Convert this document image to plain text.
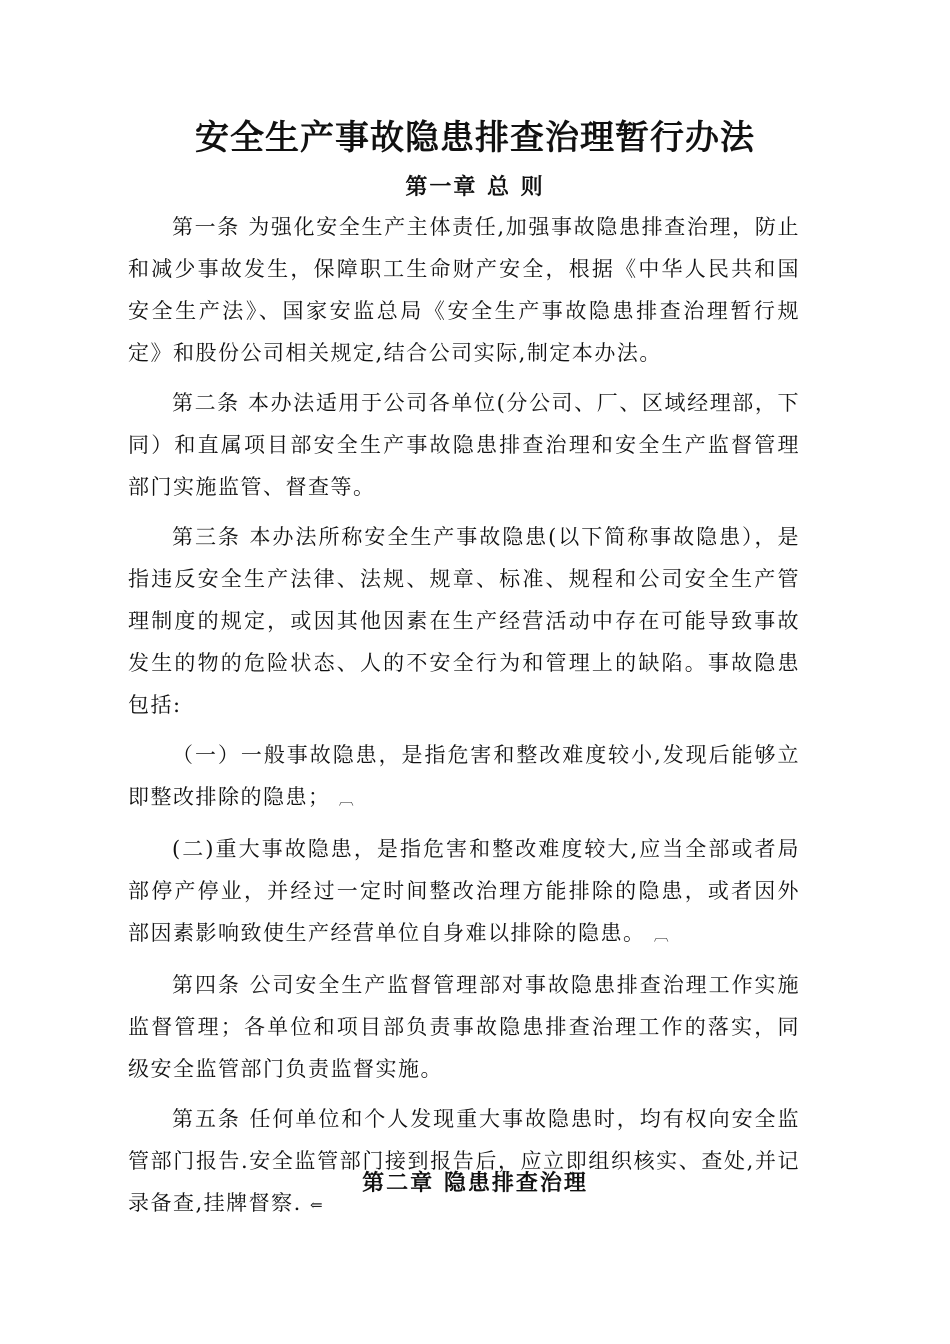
安全生产事故隐患排查治理暂行办法
第一章 总 则

第一条 为强化安全生产主体责任,加强事故隐患排查治理，防止和减少事故发生，保障职工生命财产安全，根据《中华人民共和国安全生产法》、国家安监总局《安全生产事故隐患排查治理暂行规定》和股份公司相关规定,结合公司实际,制定本办法。

第二条 本办法适用于公司各单位(分公司、厂、区域经理部，下同）和直属项目部安全生产事故隐患排查治理和安全生产监督管理部门实施监管、督查等。

第三条 本办法所称安全生产事故隐患(以下简称事故隐患），是指违反安全生产法律、法规、规章、标准、规程和公司安全生产管理制度的规定，或因其他因素在生产经营活动中存在可能导致事故发生的物的危险状态、人的不安全行为和管理上的缺陷。事故隐患包括:

（一）一般事故隐患，是指危害和整改难度较小,发现后能够立即整改排除的隐患； ︹

(二)重大事故隐患，是指危害和整改难度较大,应当全部或者局部停产停业，并经过一定时间整改治理方能排除的隐患，或者因外部因素影响致使生产经营单位自身难以排除的隐患。 ︹

第四条 公司安全生产监督管理部对事故隐患排查治理工作实施监督管理；各单位和项目部负责事故隐患排查治理工作的落实，同级安全监管部门负责监督实施。

第五条 任何单位和个人发现重大事故隐患时，均有权向安全监管部门报告.安全监管部门接到报告后，应立即组织核实、查处,并记录备查,挂牌督察. ⇐

第二章 隐患排查治理
